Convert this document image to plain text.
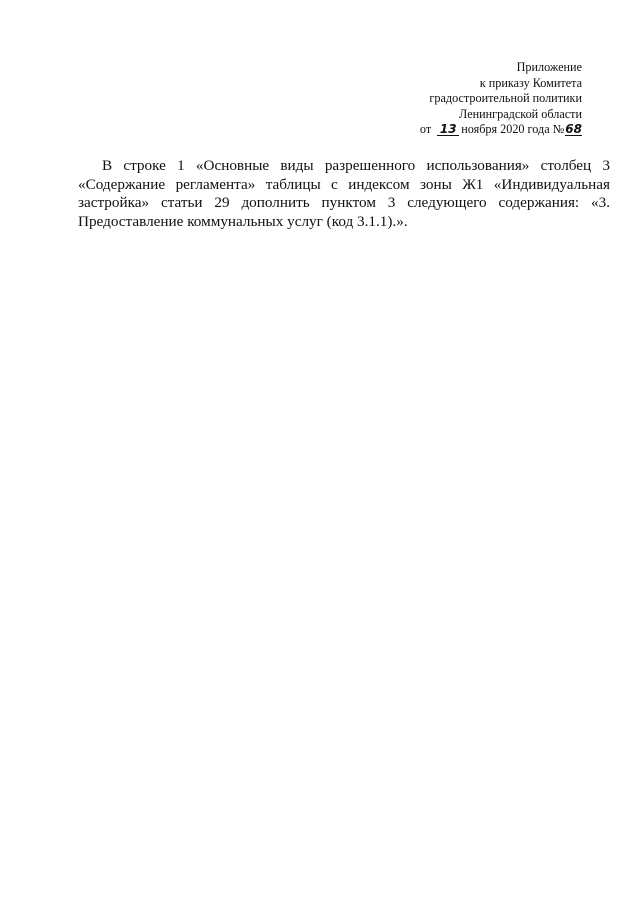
Приложение
к приказу Комитета
градостроительной политики
Ленинградской области
от 13 ноября 2020 года №68

В строке 1 «Основные виды разрешенного использования» столбец 3 «Содержание регламента» таблицы с индексом зоны Ж1 «Индивидуальная застройка» статьи 29 дополнить пунктом 3 следующего содержания: «3. Предоставление коммунальных услуг (код 3.1.1).».
